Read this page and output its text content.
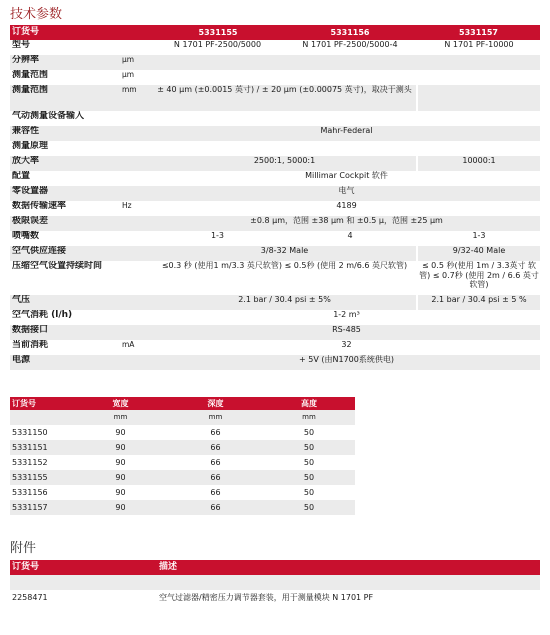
技术参数
订货号		5331155	5331156	5331157
型号		N 1701 PF-2500/5000	N 1701 PF-2500/5000-4	N 1701 PF-10000
分辨率	µm			
测量范围	µm			
测量范围	mm	± 40 µm (±0.0015 英寸) / ± 20 µm (±0.00075 英寸)，取决于测头		
气动测量设备输入				
兼容性		Mahr-Federal		
测量原理				
放大率		2500:1, 5000:1		10000:1
配置		Millimar Cockpit 软件		
零设置器		电气		
数据传输速率	Hz	4189		
极限误差		±0.8 µm，范围 ±38 µm 和 ±0.5 µ，范围 ±25 µm		
喷嘴数		1-3	4	1-3
空气供应连接		3/8-32 Male		9/32-40 Male
压缩空气设置持续时间		≤0.3 秒 (使用1 m/3.3 英尺软管) ≤ 0.5秒 (使用 2 m/6.6 英尺软管)		≤ 0.5 秒(使用 1m / 3.3英寸 软管) ≤ 0.7秒 (使用 2m / 6.6 英寸 软管)
气压		2.1 bar / 30.4 psi ± 5%		2.1 bar / 30.4 psi ± 5 %
空气消耗 (l/h)		1-2 m³		
数据接口		RS-485		
当前消耗	mA	32		
电源		+ 5V (由N1700系统供电)		
订货号	宽度	深度	高度
	mm	mm	mm
5331150	90	66	50
5331151	90	66	50
5331152	90	66	50
5331155	90	66	50
5331156	90	66	50
5331157	90	66	50
附件
订货号	描述

2258471	空气过滤器/精密压力调节器套装，用于测量模块 N 1701 PF
